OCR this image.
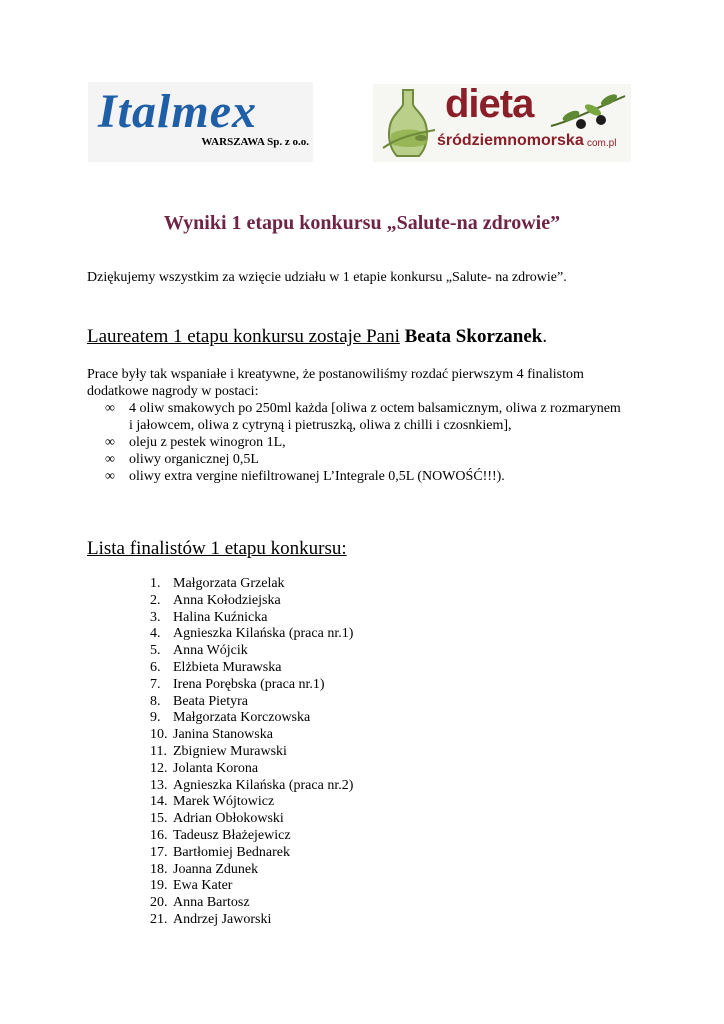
Italmex
WARSZAWA Sp. z o.o.
dieta
śródziemnomorska com.pl
Wyniki 1 etapu konkursu „Salute-na zdrowie”
Dziękujemy wszystkim za wzięcie udziału w 1 etapie konkursu „Salute- na zdrowie”.
Laureatem 1 etapu konkursu zostaje Pani Beata Skorzanek.
Prace były tak wspaniałe i kreatywne, że postanowiliśmy rozdać pierwszym 4 finalistom dodatkowe nagrody w postaci:
∞ 4 oliw smakowych po 250ml każda [oliwa z octem balsamicznym, oliwa z rozmarynem i jałowcem, oliwa z cytryną i pietruszką, oliwa z chilli i czosnkiem],
∞ oleju z pestek winogron 1L,
∞ oliwy organicznej 0,5L
∞ oliwy extra vergine niefiltrowanej L’Integrale 0,5L (NOWOŚĆ!!!).
Lista finalistów 1 etapu konkursu:
1. Małgorzata Grzelak
2. Anna Kołodziejska
3. Halina Kuźnicka
4. Agnieszka Kilańska (praca nr.1)
5. Anna Wójcik
6. Elżbieta Murawska
7. Irena Porębska (praca nr.1)
8. Beata Pietyra
9. Małgorzata Korczowska
10. Janina Stanowska
11. Zbigniew Murawski
12. Jolanta Korona
13. Agnieszka Kilańska (praca nr.2)
14. Marek Wójtowicz
15. Adrian Obłokowski
16. Tadeusz Błażejewicz
17. Bartłomiej Bednarek
18. Joanna Zdunek
19. Ewa Kater
20. Anna Bartosz
21. Andrzej Jaworski
